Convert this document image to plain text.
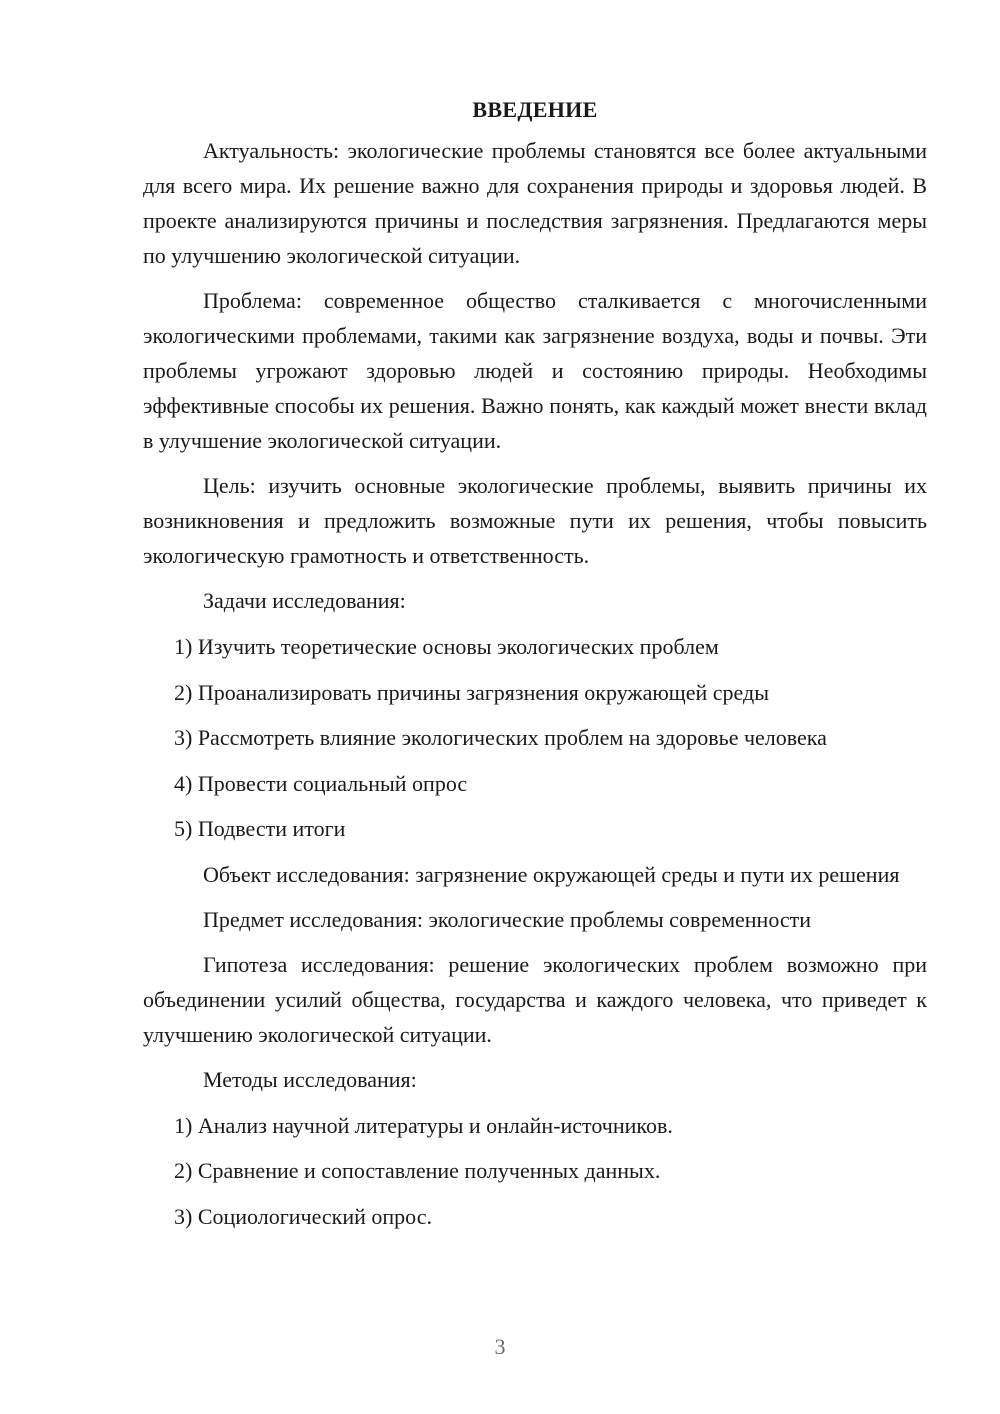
ВВЕДЕНИЕ

Актуальность: экологические проблемы становятся все более актуальными для всего мира. Их решение важно для сохранения природы и здоровья людей. В проекте анализируются причины и последствия загрязнения. Предлагаются меры по улучшению экологической ситуации.

Проблема: современное общество сталкивается с многочисленными экологическими проблемами, такими как загрязнение воздуха, воды и почвы. Эти проблемы угрожают здоровью людей и состоянию природы. Необходимы эффективные способы их решения. Важно понять, как каждый может внести вклад в улучшение экологической ситуации.

Цель: изучить основные экологические проблемы, выявить причины их возникновения и предложить возможные пути их решения, чтобы повысить экологическую грамотность и ответственность.

Задачи исследования:

1) Изучить теоретические основы экологических проблем
2) Проанализировать причины загрязнения окружающей среды
3) Рассмотреть влияние экологических проблем на здоровье человека
4) Провести социальный опрос
5) Подвести итоги

Объект исследования: загрязнение окружающей среды и пути их решения

Предмет исследования: экологические проблемы современности

Гипотеза исследования: решение экологических проблем возможно при объединении усилий общества, государства и каждого человека, что приведет к улучшению экологической ситуации.

Методы исследования:

1) Анализ научной литературы и онлайн-источников.
2) Сравнение и сопоставление полученных данных.
3) Социологический опрос.
3
